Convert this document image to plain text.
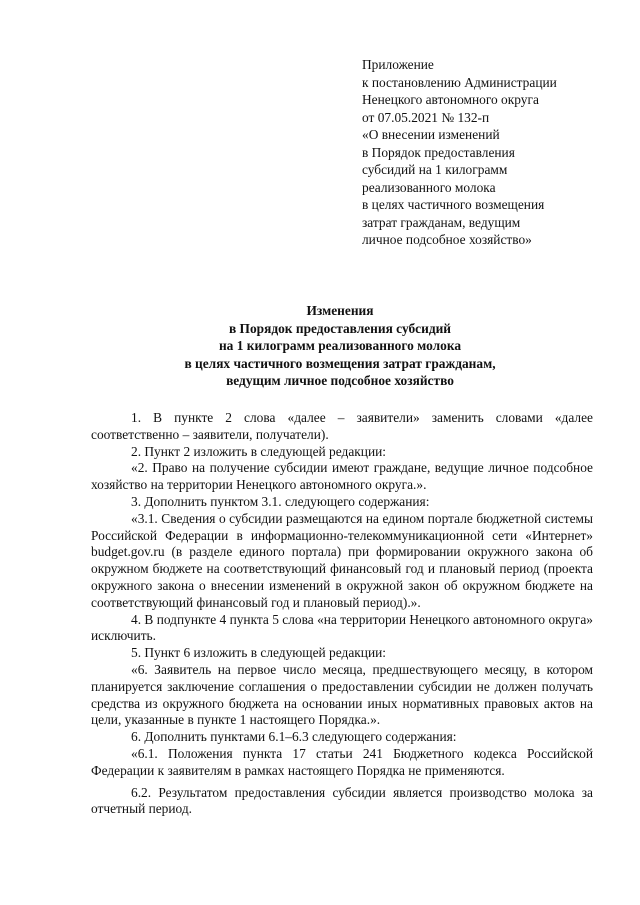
Приложение
к постановлению Администрации
Ненецкого автономного округа
от 07.05.2021 № 132-п
«О внесении изменений
в Порядок предоставления
субсидий на 1 килограмм
реализованного молока
в целях частичного возмещения
затрат гражданам, ведущим
личное подсобное хозяйство»
Изменения
в Порядок предоставления субсидий
на 1 килограмм реализованного молока
в целях частичного возмещения затрат гражданам,
ведущим личное подсобное хозяйство

1. В пункте 2 слова «далее – заявители» заменить словами «далее соответственно – заявители, получатели).

2. Пункт 2 изложить в следующей редакции:

«2. Право на получение субсидии имеют граждане, ведущие личное подсобное хозяйство на территории Ненецкого автономного округа.».

3. Дополнить пунктом 3.1. следующего содержания:

«3.1. Сведения о субсидии размещаются на едином портале бюджетной системы Российской Федерации в информационно-телекоммуникационной сети «Интернет» budget.gov.ru (в разделе единого портала) при формировании окружного закона об окружном бюджете на соответствующий финансовый год и плановый период (проекта окружного закона о внесении изменений в окружной закон об окружном бюджете на соответствующий финансовый год и плановый период).».

4. В подпункте 4 пункта 5 слова «на территории Ненецкого автономного округа» исключить.

5. Пункт 6 изложить в следующей редакции:

«6. Заявитель на первое число месяца, предшествующего месяцу, в котором планируется заключение соглашения о предоставлении субсидии не должен получать средства из окружного бюджета на основании иных нормативных правовых актов на цели, указанные в пункте 1 настоящего Порядка.».

6. Дополнить пунктами 6.1–6.3 следующего содержания:

«6.1. Положения пункта 17 статьи 241 Бюджетного кодекса Российской Федерации к заявителям в рамках настоящего Порядка не применяются.

6.2. Результатом предоставления субсидии является производство молока за отчетный период.
